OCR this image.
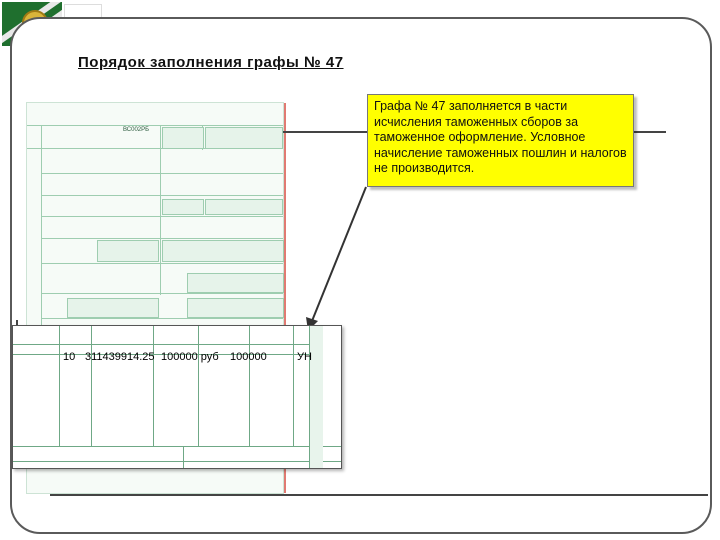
Порядок заполнения графы № 47
ВС002РБ
Графа № 47 заполняется в части исчисления таможенных сборов за таможенное оформление. Условное начисление таможенных пошлин и налогов не производится.
10 311439914.25 100000 руб 100000	УН
